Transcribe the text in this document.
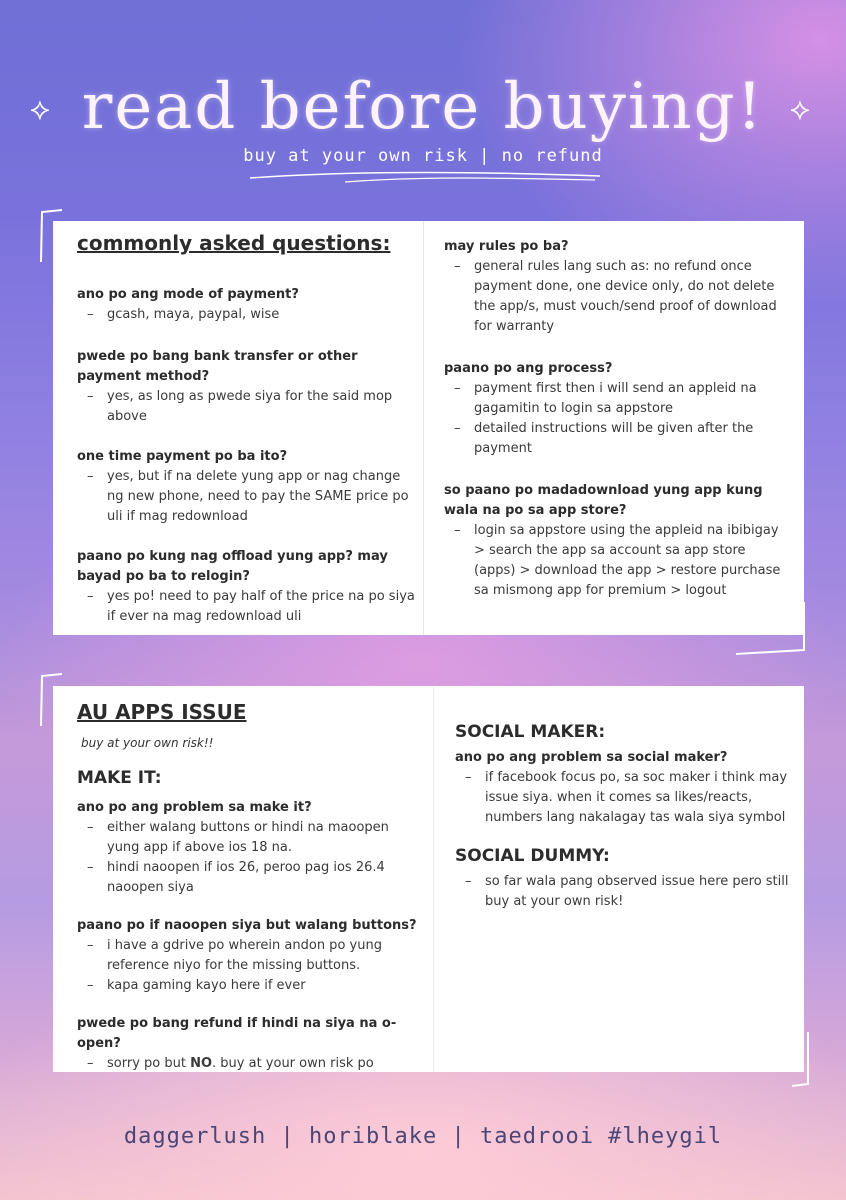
⟡	⟡
read before buying!
buy at your own risk | no refund
commonly asked questions:
ano po ang mode of payment?
– gcash, maya, paypal, wise
pwede po bang bank transfer or other payment method?
– yes, as long as pwede siya for the said mop above
one time payment po ba ito?
– yes, but if na delete yung app or nag change ng new phone, need to pay the SAME price po uli if mag redownload
paano po kung nag offload yung app? may bayad po ba to relogin?
– yes po! need to pay half of the price na po siya if ever na mag redownload uli
may rules po ba?
– general rules lang such as: no refund once payment done, one device only, do not delete the app/s, must vouch/send proof of download for warranty
paano po ang process?
– payment first then i will send an appleid na gagamitin to login sa appstore
– detailed instructions will be given after the payment
so paano po madadownload yung app kung wala na po sa app store?
– login sa appstore using the appleid na ibibigay > search the app sa account sa app store (apps) > download the app > restore purchase sa mismong app for premium > logout
AU APPS ISSUE
buy at your own risk!!
MAKE IT:
ano po ang problem sa make it?
– either walang buttons or hindi na maoopen yung app if above ios 18 na.
– hindi naoopen if ios 26, peroo pag ios 26.4 naoopen siya
paano po if naoopen siya but walang buttons?
– i have a gdrive po wherein andon po yung reference niyo for the missing buttons.
– kapa gaming kayo here if ever
pwede po bang refund if hindi na siya na o-open?
– sorry po but NO. buy at your own risk po
SOCIAL MAKER:
ano po ang problem sa social maker?
– if facebook focus po, sa soc maker i think may issue siya. when it comes sa likes/reacts, numbers lang nakalagay tas wala siya symbol
SOCIAL DUMMY:
– so far wala pang observed issue here pero still buy at your own risk!
daggerlush | horiblake | taedrooi #lheygil
